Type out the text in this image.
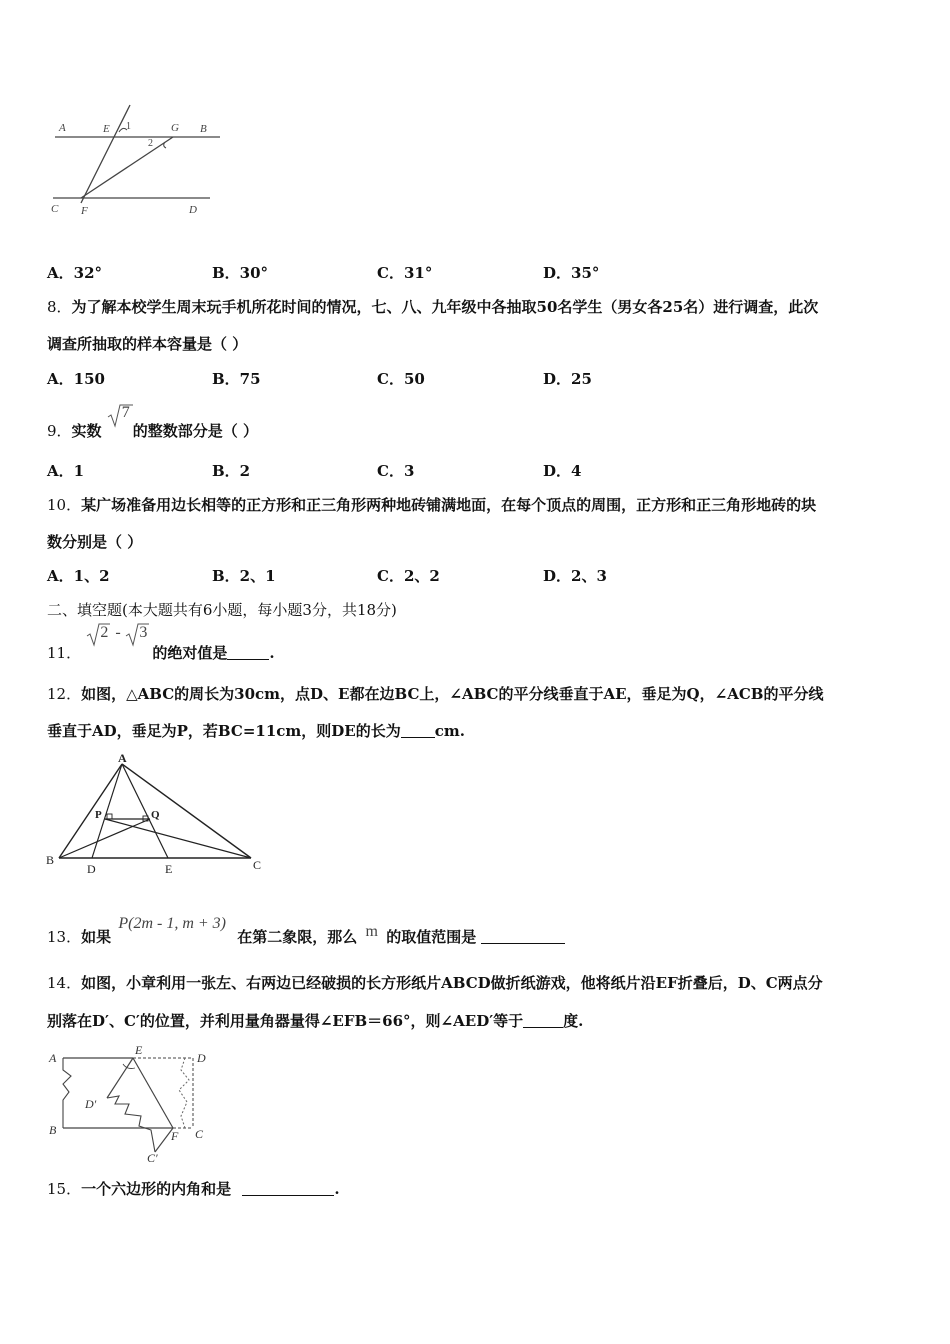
A	E 1	G B
2
C F	D
A．32°	B．30°	C．31°	D．35°
8．为了解本校学生周末玩手机所花时间的情况，七、八、九年级中各抽取50名学生（男女各25名）进行调查，此次
调查所抽取的样本容量是（ ）
A．150	B．75	C．50	D．25
9．实数
7
的整数部分是（ ）
A．1	B．2	C．3	D．4
10．某广场准备用边长相等的正方形和正三角形两种地砖铺满地面，在每个顶点的周围，正方形和正三角形地砖的块
数分别是（ ）
A．1、2	B．2、1	C．2、2	D．2、3
二、填空题(本大题共有6小题，每小题3分，共18分)
11．
2 - 3
的绝对值是	.
12．如图，△ABC的周长为30cm，点D、E都在边BC上，∠ABC的平分线垂直于AE，垂足为Q，∠ACB的平分线
垂直于AD，垂足为P，若BC=11cm，则DE的长为 cm.
A
P	Q
B
D	E	C
13．如果 P(2m - 1, m + 3) 在第二象限，那么 m 的取值范围是
14．如图，小章利用一张左、右两边已经破损的长方形纸片ABCD做折纸游戏，他将纸片沿EF折叠后，D、C两点分
别落在D′、C′的位置，并利用量角器量得∠EFB＝66°，则∠AED′等于	度.
A
E
D
D′
B	F C
C′
15．一个六边形的内角和是	.
